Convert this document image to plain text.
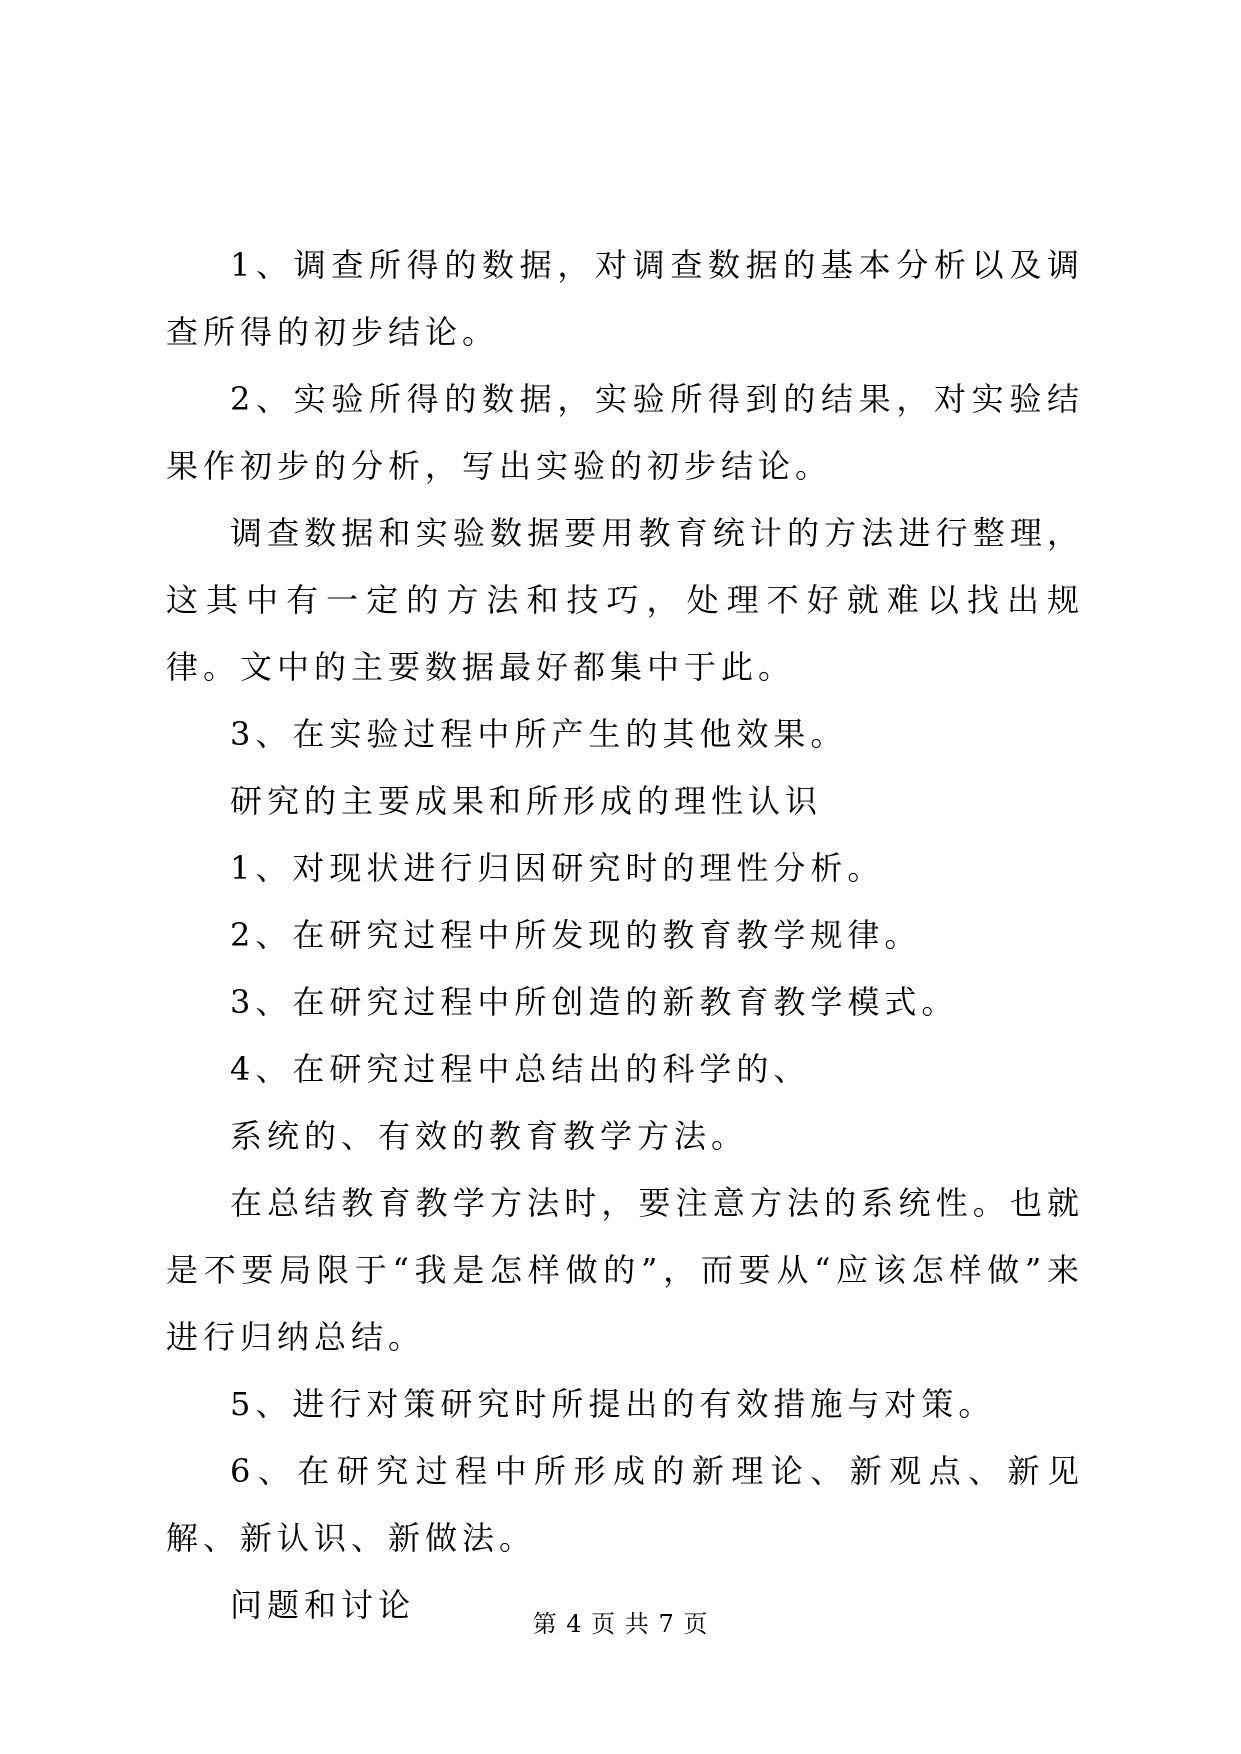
1、调查所得的数据，对调查数据的基本分析以及调查所得的初步结论。

2、实验所得的数据，实验所得到的结果，对实验结果作初步的分析，写出实验的初步结论。

调查数据和实验数据要用教育统计的方法进行整理，这其中有一定的方法和技巧，处理不好就难以找出规律。文中的主要数据最好都集中于此。

3、在实验过程中所产生的其他效果。

研究的主要成果和所形成的理性认识

1、对现状进行归因研究时的理性分析。

2、在研究过程中所发现的教育教学规律。

3、在研究过程中所创造的新教育教学模式。

4、在研究过程中总结出的科学的、

系统的、有效的教育教学方法。

在总结教育教学方法时，要注意方法的系统性。也就是不要局限于“我是怎样做的”，而要从“应该怎样做”来进行归纳总结。

5、进行对策研究时所提出的有效措施与对策。

6、在研究过程中所形成的新理论、新观点、新见解、新认识、新做法。

问题和讨论	第 4 页 共 7 页
